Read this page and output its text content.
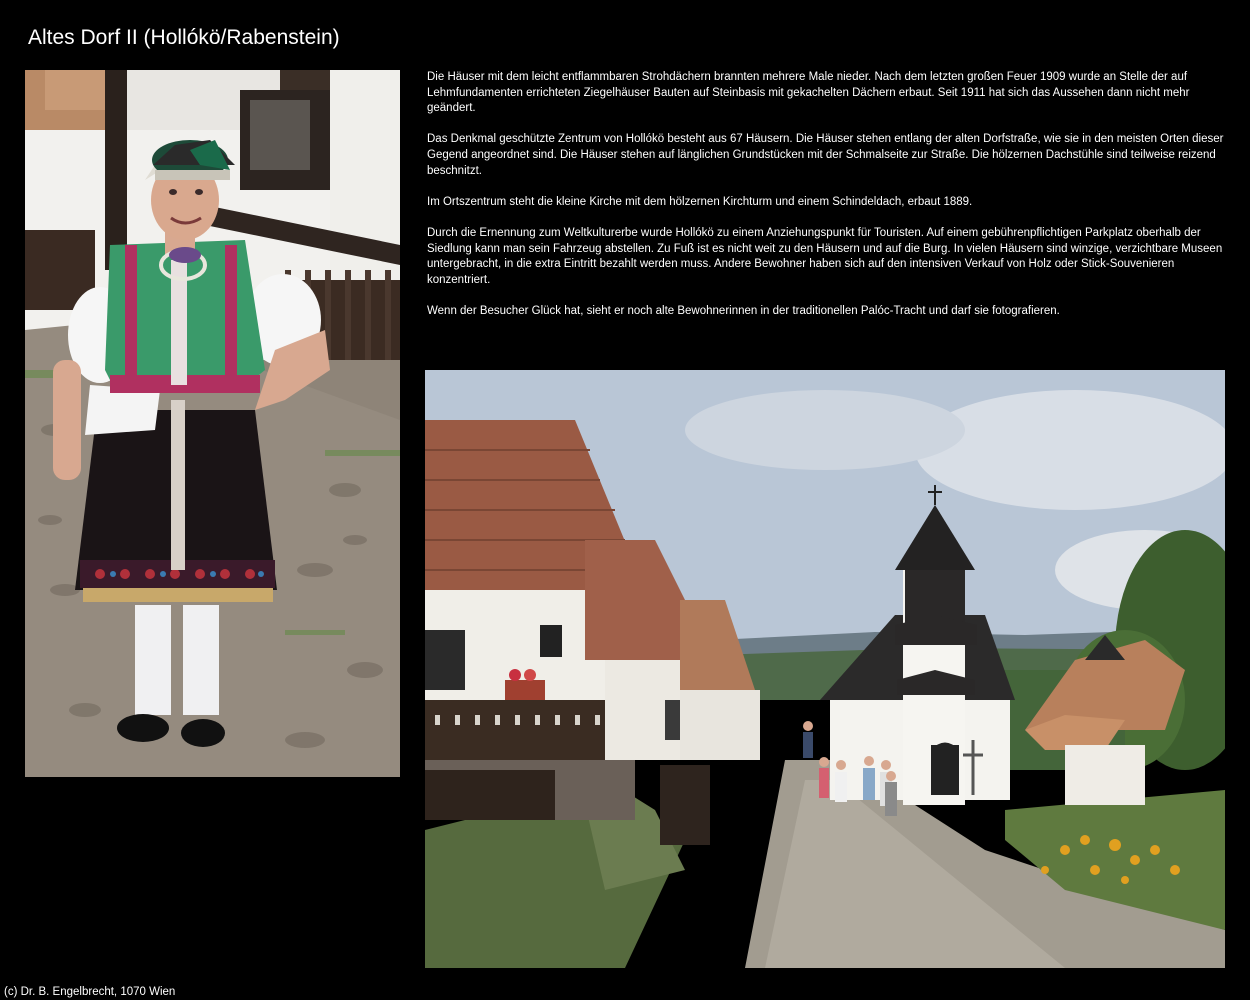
Altes Dorf II (Hollókö/Rabenstein)

Die Häuser mit dem leicht entflammbaren Strohdächern brannten mehrere Male nieder. Nach dem letzten großen Feuer 1909 wurde an Stelle der auf Lehmfundamenten errichteten Ziegelhäuser Bauten auf Steinbasis mit gekachelten Dächern erbaut. Seit 1911 hat sich das Aussehen dann nicht mehr geändert.

Das Denkmal geschützte Zentrum von Hollókö besteht aus 67 Häusern. Die Häuser stehen entlang der alten Dorfstraße, wie sie in den meisten Orten dieser Gegend angeordnet sind. Die Häuser stehen auf länglichen Grundstücken mit der Schmalseite zur Straße. Die hölzernen Dachstühle sind teilweise reizend beschnitzt.

Im Ortszentrum steht die kleine Kirche mit dem hölzernen Kirchturm und einem Schindeldach, erbaut 1889.

Durch die Ernennung zum Weltkulturerbe wurde Hollókö zu einem Anziehungspunkt für Touristen. Auf einem gebührenpflichtigen Parkplatz oberhalb der Siedlung kann man sein Fahrzeug abstellen. Zu Fuß ist es nicht weit zu den Häusern und auf die Burg. In vielen Häusern sind winzige, verzichtbare Museen untergebracht, in die extra Eintritt bezahlt werden muss. Andere Bewohner haben sich auf den intensiven Verkauf von Holz oder Stick-Souvenieren konzentriert.

Wenn der Besucher Glück hat, sieht er noch alte Bewohnerinnen in der traditionellen Palóc-Tracht und darf sie fotografieren.

(c) Dr. B. Engelbrecht, 1070 Wien
